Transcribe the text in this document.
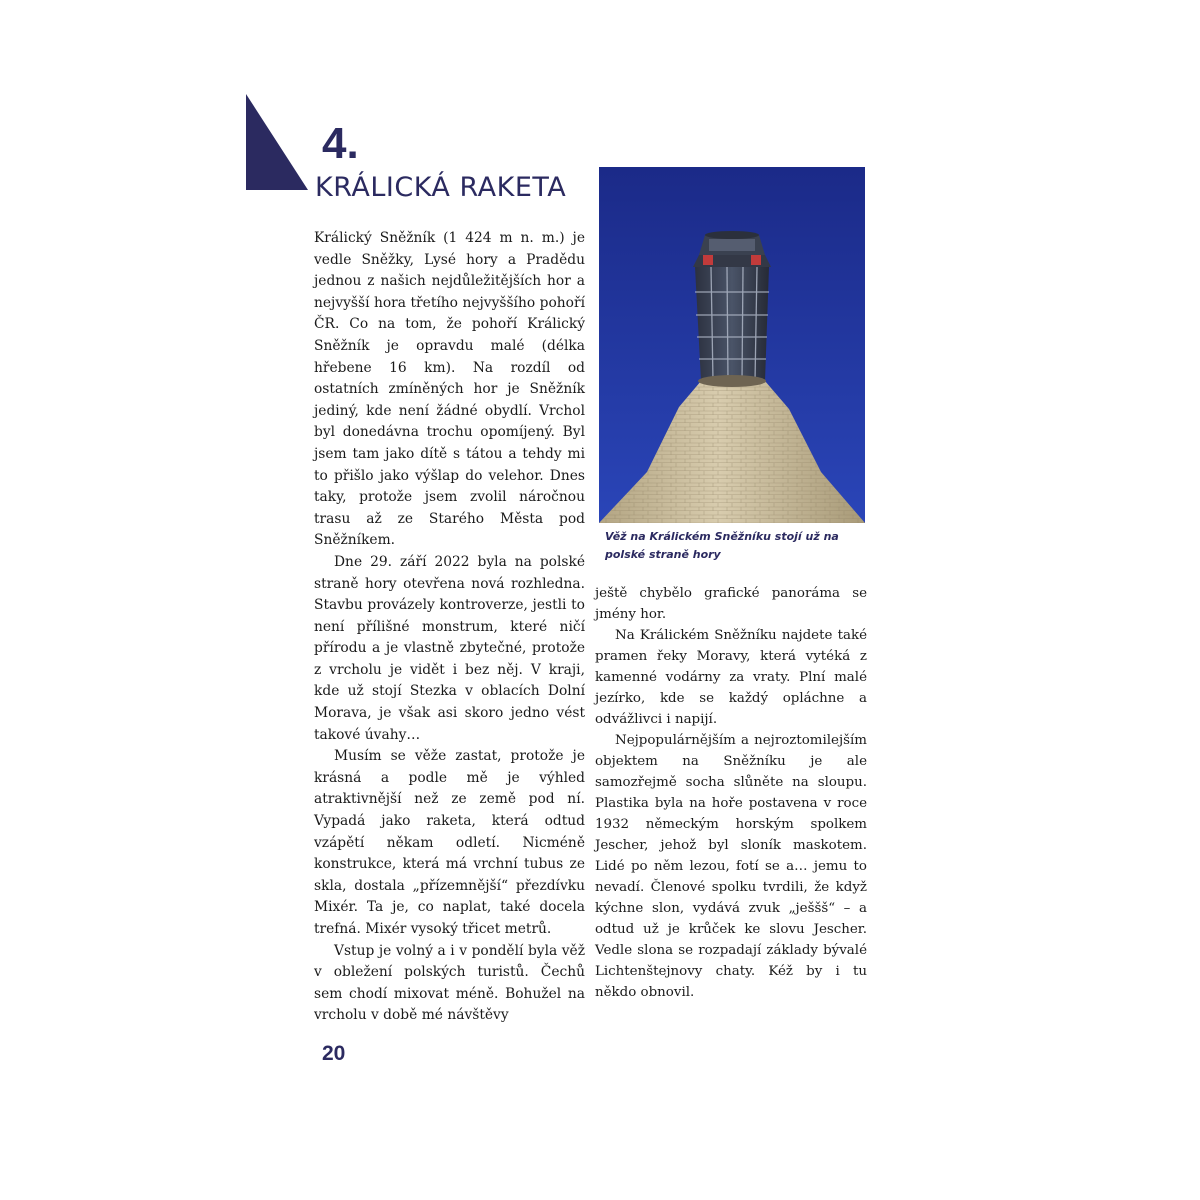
4.
KRÁLICKÁ RAKETA

Věž na Králickém Sněžníku stojí už na polské straně hory

Králický Sněžník (1 424 m n. m.) je vedle Sněžky, Lysé hory a Pradědu jednou z našich nejdůležitějších hor a nejvyšší hora třetího nejvyššího pohoří ČR. Co na tom, že pohoří Králický Sněžník je opravdu malé (délka hřebene 16 km). Na rozdíl od ostatních zmíněných hor je Sněžník jediný, kde není žádné obydlí. Vrchol byl donedávna trochu opomíjený. Byl jsem tam jako dítě s tátou a tehdy mi to přišlo jako výšlap do velehor. Dnes taky, protože jsem zvolil náročnou trasu až ze Starého Města pod Sněžníkem.

Dne 29. září 2022 byla na polské straně hory otevřena nová rozhledna. Stavbu provázely kontroverze, jestli to není přílišné monstrum, které ničí přírodu a je vlastně zbytečné, protože z vrcholu je vidět i bez něj. V kraji, kde už stojí Stezka v oblacích Dolní Morava, je však asi skoro jedno vést takové úvahy…

Musím se věže zastat, protože je krásná a podle mě je výhled atraktivnější než ze země pod ní. Vypadá jako raketa, která odtud vzápětí někam odletí. Nicméně konstrukce, která má vrchní tubus ze skla, dostala „přízemnější“ přezdívku Mixér. Ta je, co naplat, také docela trefná. Mixér vysoký třicet metrů.

Vstup je volný a i v pondělí byla věž v obležení polských turistů. Čechů sem chodí mixovat méně. Bohužel na vrcholu v době mé návštěvy

ještě chybělo grafické panoráma se jmény hor.

Na Králickém Sněžníku najdete také pramen řeky Moravy, která vytéká z kamenné vodárny za vraty. Plní malé jezírko, kde se každý opláchne a odvážlivci i napijí.

Nejpopulárnějším a nejroztomilejším objektem na Sněžníku je ale samozřejmě socha slůněte na sloupu. Plastika byla na hoře postavena v roce 1932 německým horským spolkem Jescher, jehož byl sloník maskotem. Lidé po něm lezou, fotí se a… jemu to nevadí. Členové spolku tvrdili, že když kýchne slon, vydává zvuk „ješšš“ – a odtud už je krůček ke slovu Jescher. Vedle slona se rozpadají základy bývalé Lichtenštejnovy chaty. Kéž by i tu někdo obnovil.

20
